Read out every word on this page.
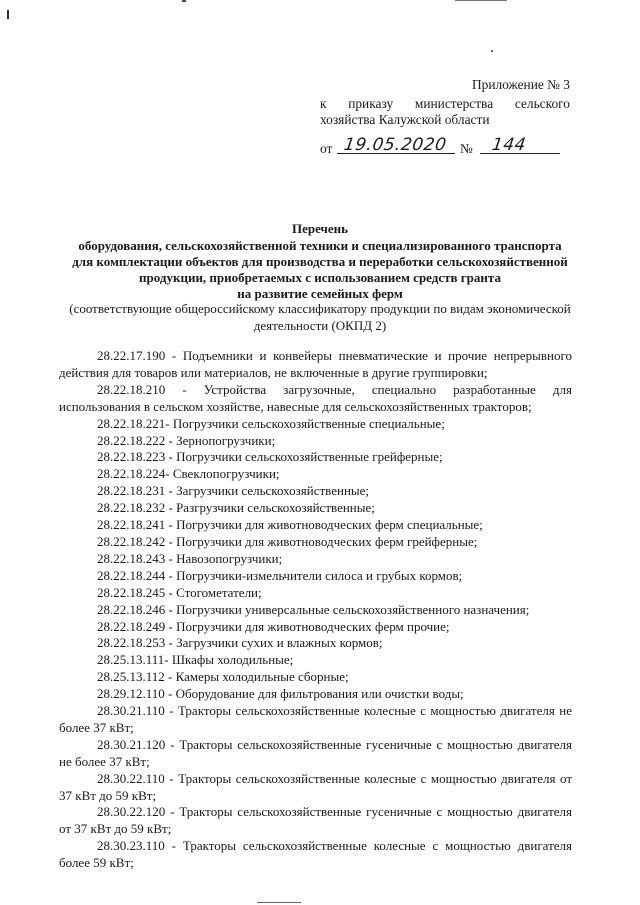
Приложение № 3
к приказу министерства сельского
хозяйства Калужской области
от 19.05.2020 № 144
Перечень
оборудования, сельскохозяйственной техники и специализированного транспорта
для комплектации объектов для производства и переработки сельскохозяйственной
продукции, приобретаемых с использованием средств гранта
на развитие семейных ферм
(соответствующие общероссийскому классификатору продукции по видам экономической деятельности (ОКПД 2)

28.22.17.190 - Подъемники и конвейеры пневматические и прочие непрерывного действия для товаров или материалов, не включенные в другие группировки;

28.22.18.210 - Устройства загрузочные, специально разработанные для использования в сельском хозяйстве, навесные для сельскохозяйственных тракторов;

28.22.18.221- Погрузчики сельскохозяйственные специальные;

28.22.18.222 - Зернопогрузчики;

28.22.18.223 - Погрузчики сельскохозяйственные грейферные;

28.22.18.224- Свеклопогрузчики;

28.22.18.231 - Загрузчики сельскохозяйственные;

28.22.18.232 - Разгрузчики сельскохозяйственные;

28.22.18.241 - Погрузчики для животноводческих ферм специальные;

28.22.18.242 - Погрузчики для животноводческих ферм грейферные;

28.22.18.243 - Навозопогрузчики;

28.22.18.244 - Погрузчики-измельчители силоса и грубых кормов;

28.22.18.245 - Стогометатели;

28.22.18.246 - Погрузчики универсальные сельскохозяйственного назначения;

28.22.18.249 - Погрузчики для животноводческих ферм прочие;

28.22.18.253 - Загрузчики сухих и влажных кормов;

28.25.13.111- Шкафы холодильные;

28.25.13.112 - Камеры холодильные сборные;

28.29.12.110 - Оборудование для фильтрования или очистки воды;

28.30.21.110 - Тракторы сельскохозяйственные колесные с мощностью двигателя не более 37 кВт;

28.30.21.120 - Тракторы сельскохозяйственные гусеничные с мощностью двигателя не более 37 кВт;

28.30.22.110 - Тракторы сельскохозяйственные колесные с мощностью двигателя от 37 кВт до 59 кВт;

28.30.22.120 - Тракторы сельскохозяйственные гусеничные с мощностью двигателя от 37 кВт до 59 кВт;

28.30.23.110 - Тракторы сельскохозяйственные колесные с мощностью двигателя более 59 кВт;
